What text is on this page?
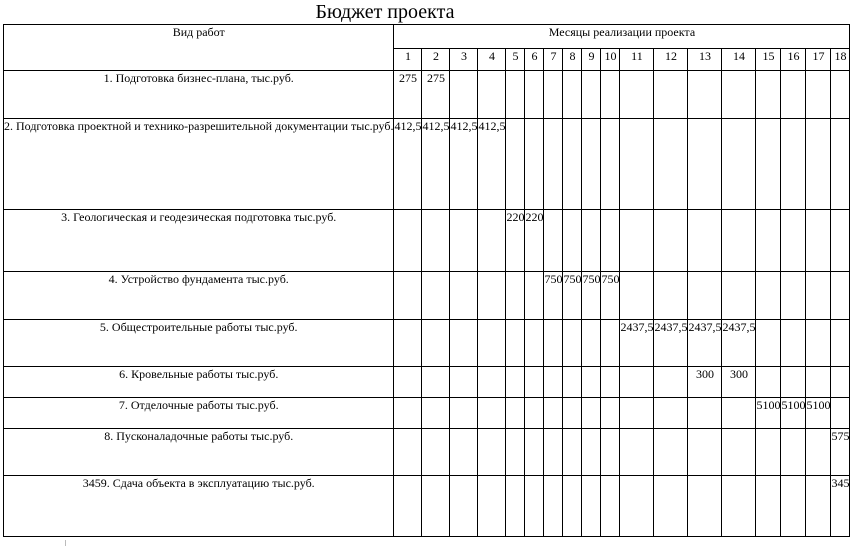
Бюджет проекта
Вид работ	Месяцы реализации проекта																	
	1	2	3	4	5	6	7	8	9	10	11	12	13	14	15	16	17	18
1. Подготовка бизнес-плана, тыс.руб.	275	275																
2. Подготовка проектной и технико-разрешительной документации тыс.руб.	412,5	412,5	412,5	412,5														
3. Геологическая и геодезическая подготовка тыс.руб.					220	220												
4. Устройство фундамента тыс.руб.							750	750	750	750								
5. Общестроительные работы тыс.руб.											2437,5	2437,5	2437,5	2437,5				
6. Кровельные работы тыс.руб.													300	300				
7. Отделочные работы тыс.руб.															5100	5100	5100	
8. Пусконаладочные работы тыс.руб.																		575
3459. Сдача объекта в эксплуатацию тыс.руб.																		345
